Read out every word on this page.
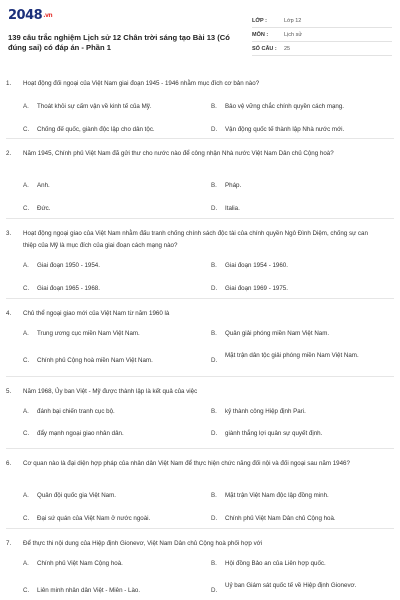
2048.vn
139 câu trắc nghiệm Lịch sử 12 Chân trời sáng tạo Bài 13 (Có đúng sai) có đáp án - Phần 1
LỚP :	Lớp 12
MÔN :	Lịch sử
SỐ CÂU :	25
1. Hoạt động đối ngoại của Việt Nam giai đoạn 1945 - 1946 nhằm mục đích cơ bản nào?
A. Thoát khỏi sự cấm vận về kinh tế của Mỹ.	B. Bảo vệ vững chắc chính quyền cách mạng.
C. Chống đế quốc, giành độc lập cho dân tộc.	D. Vận động quốc tế thành lập Nhà nước mới.
2. Năm 1945, Chính phủ Việt Nam đã gửi thư cho nước nào để công nhận Nhà nước Việt Nam Dân chủ Cộng hoà?
A. Anh.	B. Pháp.
C. Đức.	D. Italia.
3. Hoạt động ngoại giao của Việt Nam nhằm đấu tranh chống chính sách độc tài của chính quyền Ngô Đình Diệm, chống sự can thiệp của Mỹ là mục đích của giai đoạn cách mạng nào?
A. Giai đoạn 1950 - 1954.	B. Giai đoạn 1954 - 1960.
C. Giai đoạn 1965 - 1968.	D. Giai đoạn 1969 - 1975.
4. Chủ thể ngoại giao mới của Việt Nam từ năm 1960 là
A. Trung ương cục miền Nam Việt Nam.	B. Quân giải phóng miền Nam Việt Nam.
C. Chính phủ Cộng hoà miền Nam Việt Nam.	D.
Mặt trận dân tộc giải phóng miền Nam Việt Nam.
5. Năm 1968, Ủy ban Việt - Mỹ được thành lập là kết quả của việc
A. đánh bại chiến tranh cục bộ.	B. kỷ thành công Hiệp định Pari.
C. đẩy mạnh ngoại giao nhân dân.	D. giành thắng lợi quân sự quyết định.
6. Cơ quan nào là đại diện hợp pháp của nhân dân Việt Nam để thực hiện chức năng đối nội và đối ngoại sau năm 1946?
A. Quân đội quốc gia Việt Nam.	B. Mặt trận Việt Nam độc lập đồng minh.
C. Đại sứ quán của Việt Nam ở nước ngoài.	D. Chính phủ Việt Nam Dân chủ Cộng hoà.
7. Để thực thi nội dung của Hiệp định Gionevơ, Việt Nam Dân chủ Cộng hoà phối hợp với
A. Chính phủ Việt Nam Cộng hoà.	B. Hội đồng Bảo an của Liên hợp quốc.
C. Liên minh nhân dân Việt - Miên - Lào.	D.
Uỷ ban Giám sát quốc tế về Hiệp định Gionevơ.
